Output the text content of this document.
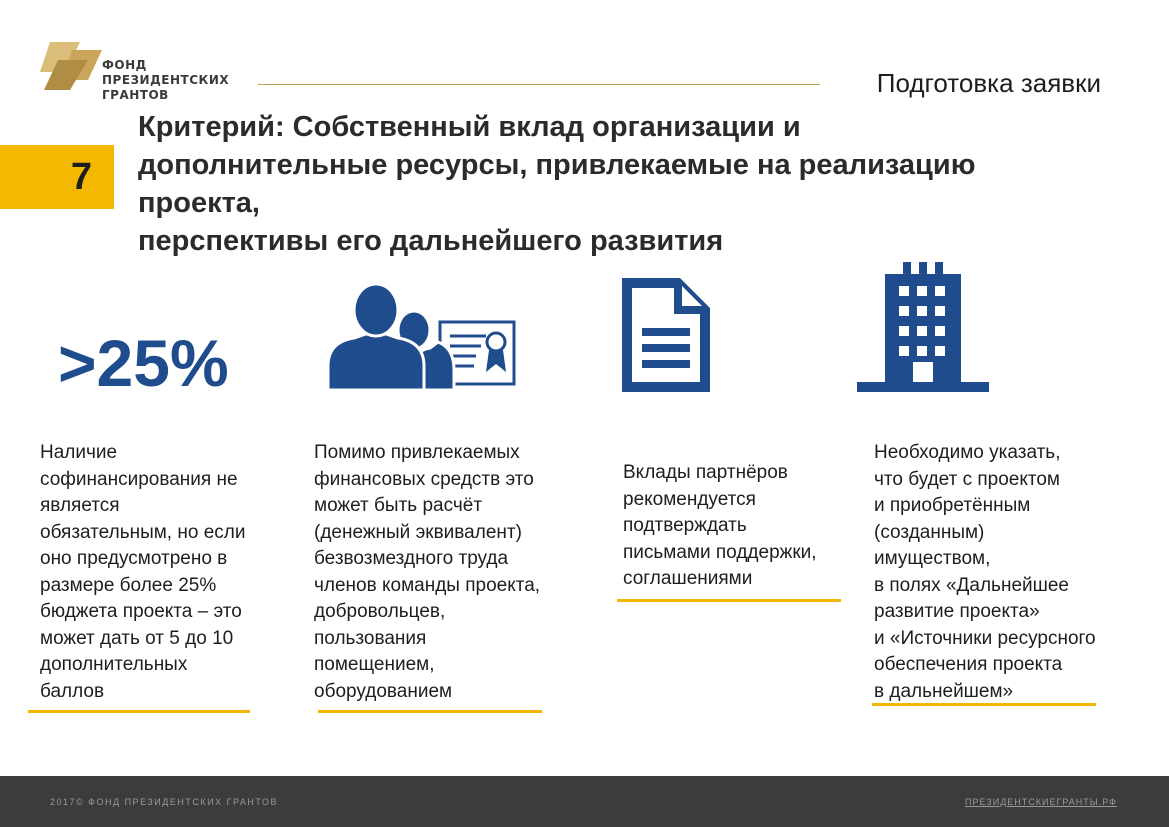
ФОНД
ПРЕЗИДЕНТСКИХ
ГРАНТОВ	Подготовка заявки
7
Критерий: Собственный вклад организации и
дополнительные ресурсы, привлекаемые на реализацию
проекта,
перспективы его дальнейшего развития
>25%
Наличие
софинансирования не
является
обязательным, но если
оно предусмотрено в
размере более 25%
бюджета проекта – это
может дать от 5 до 10
дополнительных
баллов
Помимо привлекаемых
финансовых средств это
может быть расчёт
(денежный эквивалент)
безвозмездного труда
членов команды проекта,
добровольцев,
пользования
помещением,
оборудованием
Вклады партнёров
рекомендуется
подтверждать
письмами поддержки,
соглашениями
Необходимо указать,
что будет с проектом
и приобретённым
(созданным)
имуществом,
в полях «Дальнейшее
развитие проекта»
и «Источники ресурсного
обеспечения проекта
в дальнейшем»
2017© ФОНД ПРЕЗИДЕНТСКИХ ГРАНТОВ	ПРЕЗИДЕНТСКИЕГРАНТЫ.РФ
